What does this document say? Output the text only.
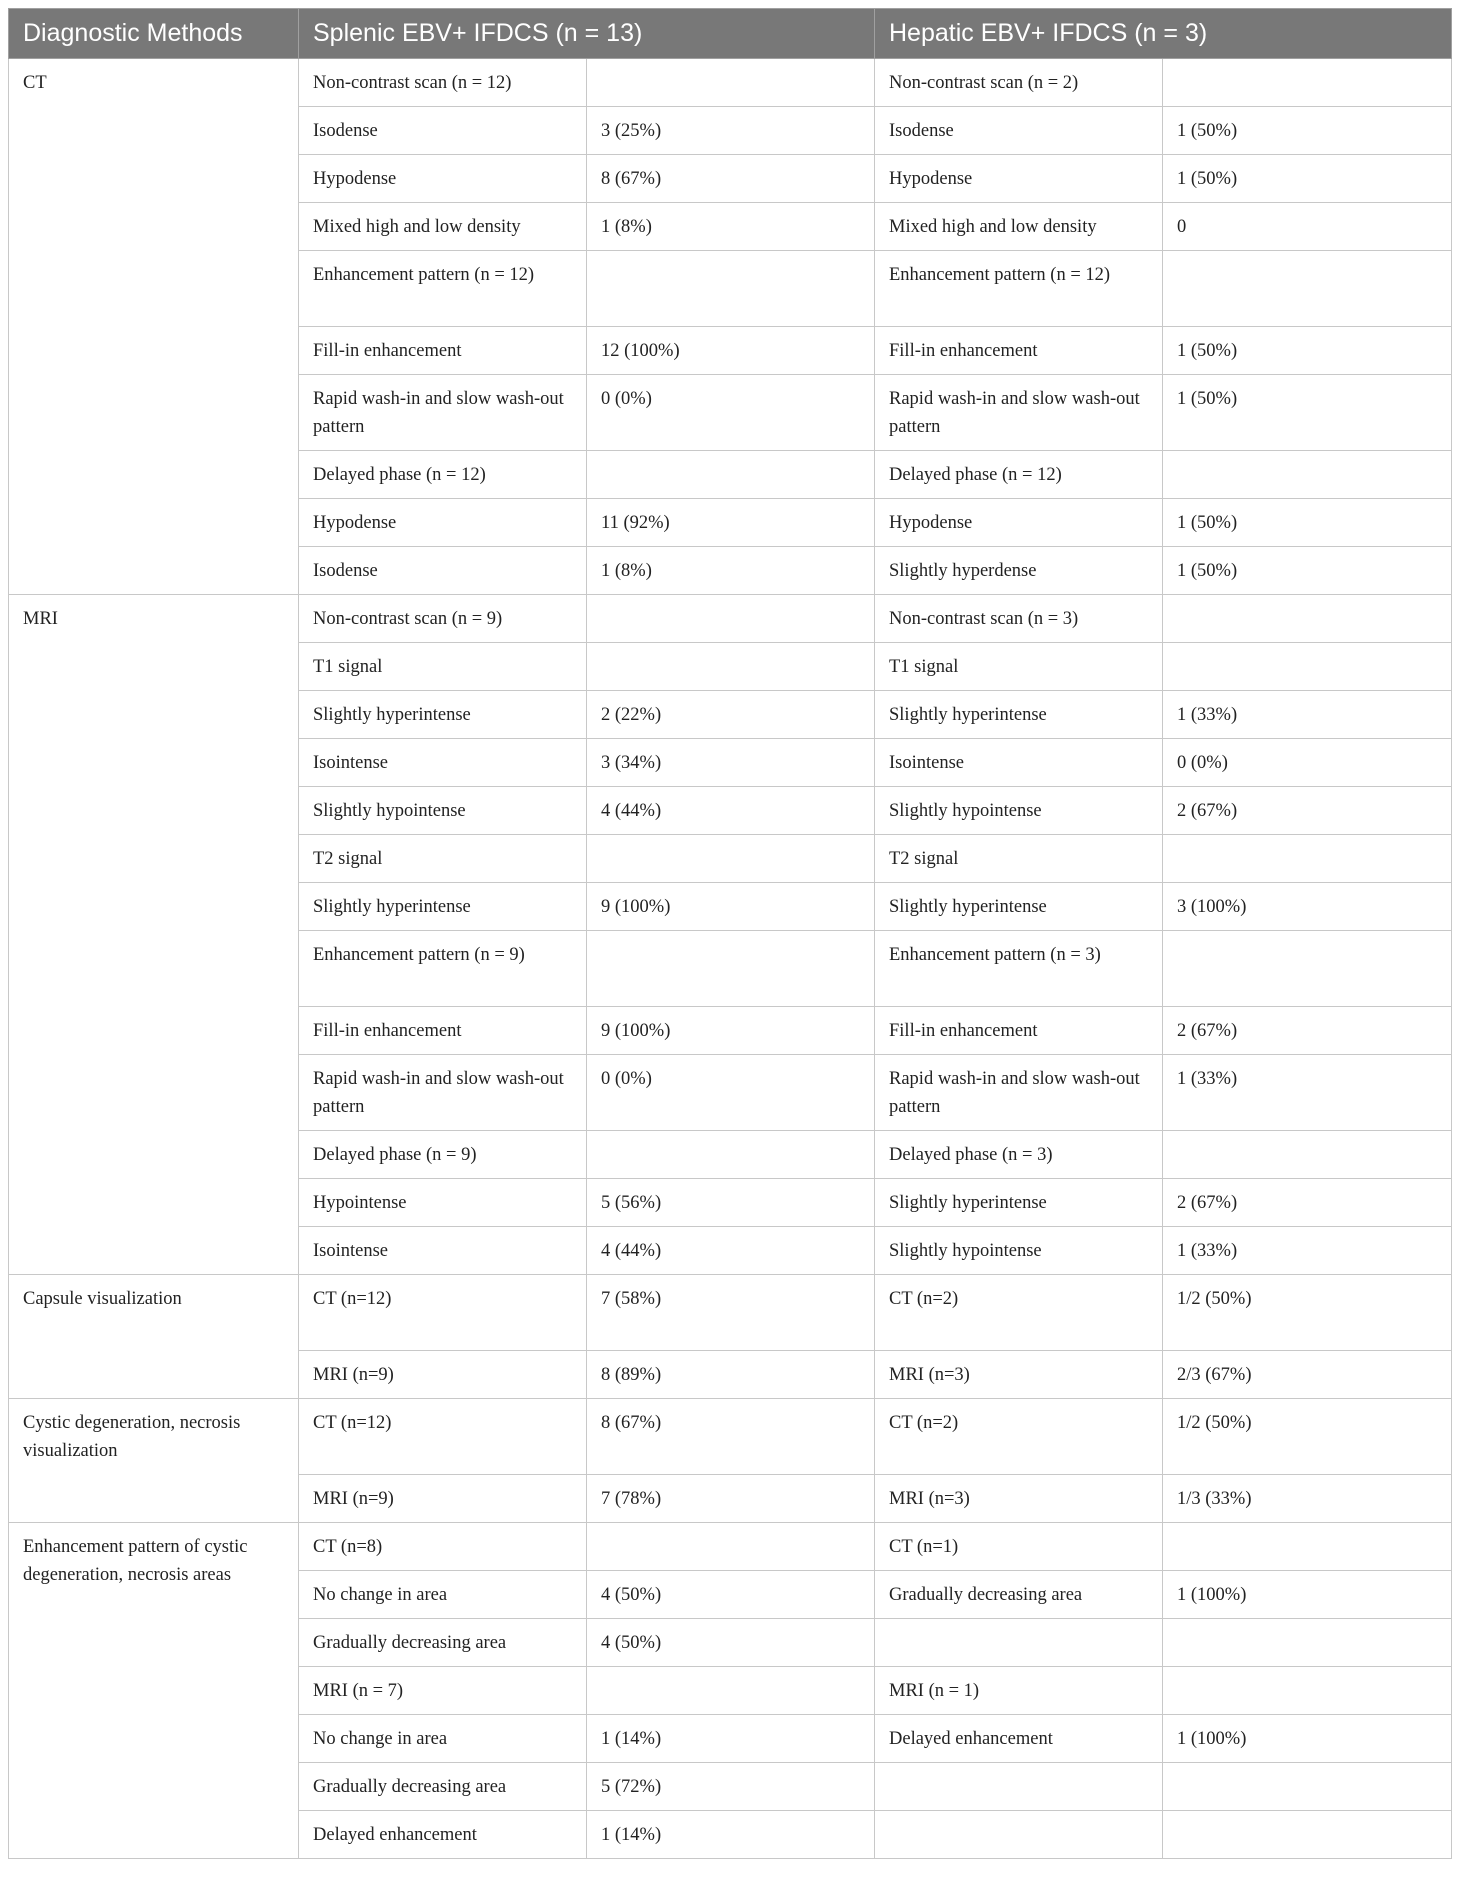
Diagnostic Methods	Splenic EBV+ IFDCS (n = 13)		Hepatic EBV+ IFDCS (n = 3)	
CT	Non-contrast scan (n = 12)		Non-contrast scan (n = 2)	
	Isodense	3 (25%)	Isodense	1 (50%)
	Hypodense	8 (67%)	Hypodense	1 (50%)
	Mixed high and low density	1 (8%)	Mixed high and low density	0
	Enhancement pattern (n = 12)		Enhancement pattern (n = 12)	
	Fill-in enhancement	12 (100%)	Fill-in enhancement	1 (50%)
	Rapid wash-in and slow wash-out pattern	0 (0%)	Rapid wash-in and slow wash-out pattern	1 (50%)
	Delayed phase (n = 12)		Delayed phase (n = 12)	
	Hypodense	11 (92%)	Hypodense	1 (50%)
	Isodense	1 (8%)	Slightly hyperdense	1 (50%)
MRI	Non-contrast scan (n = 9)		Non-contrast scan (n = 3)	
	T1 signal		T1 signal	
	Slightly hyperintense	2 (22%)	Slightly hyperintense	1 (33%)
	Isointense	3 (34%)	Isointense	0 (0%)
	Slightly hypointense	4 (44%)	Slightly hypointense	2 (67%)
	T2 signal		T2 signal	
	Slightly hyperintense	9 (100%)	Slightly hyperintense	3 (100%)
	Enhancement pattern (n = 9)		Enhancement pattern (n = 3)	
	Fill-in enhancement	9 (100%)	Fill-in enhancement	2 (67%)
	Rapid wash-in and slow wash-out pattern	0 (0%)	Rapid wash-in and slow wash-out pattern	1 (33%)
	Delayed phase (n = 9)		Delayed phase (n = 3)	
	Hypointense	5 (56%)	Slightly hyperintense	2 (67%)
	Isointense	4 (44%)	Slightly hypointense	1 (33%)
Capsule visualization	CT (n=12)	7 (58%)	CT (n=2)	1/2 (50%)
	MRI (n=9)	8 (89%)	MRI (n=3)	2/3 (67%)
Cystic degeneration, necrosis visualization	CT (n=12)	8 (67%)	CT (n=2)	1/2 (50%)
	MRI (n=9)	7 (78%)	MRI (n=3)	1/3 (33%)
Enhancement pattern of cystic degeneration, necrosis areas	CT (n=8)		CT (n=1)	
	No change in area	4 (50%)	Gradually decreasing area	1 (100%)
	Gradually decreasing area	4 (50%)		
	MRI (n = 7)		MRI (n = 1)	
	No change in area	1 (14%)	Delayed enhancement	1 (100%)
	Gradually decreasing area	5 (72%)		
	Delayed enhancement	1 (14%)		
